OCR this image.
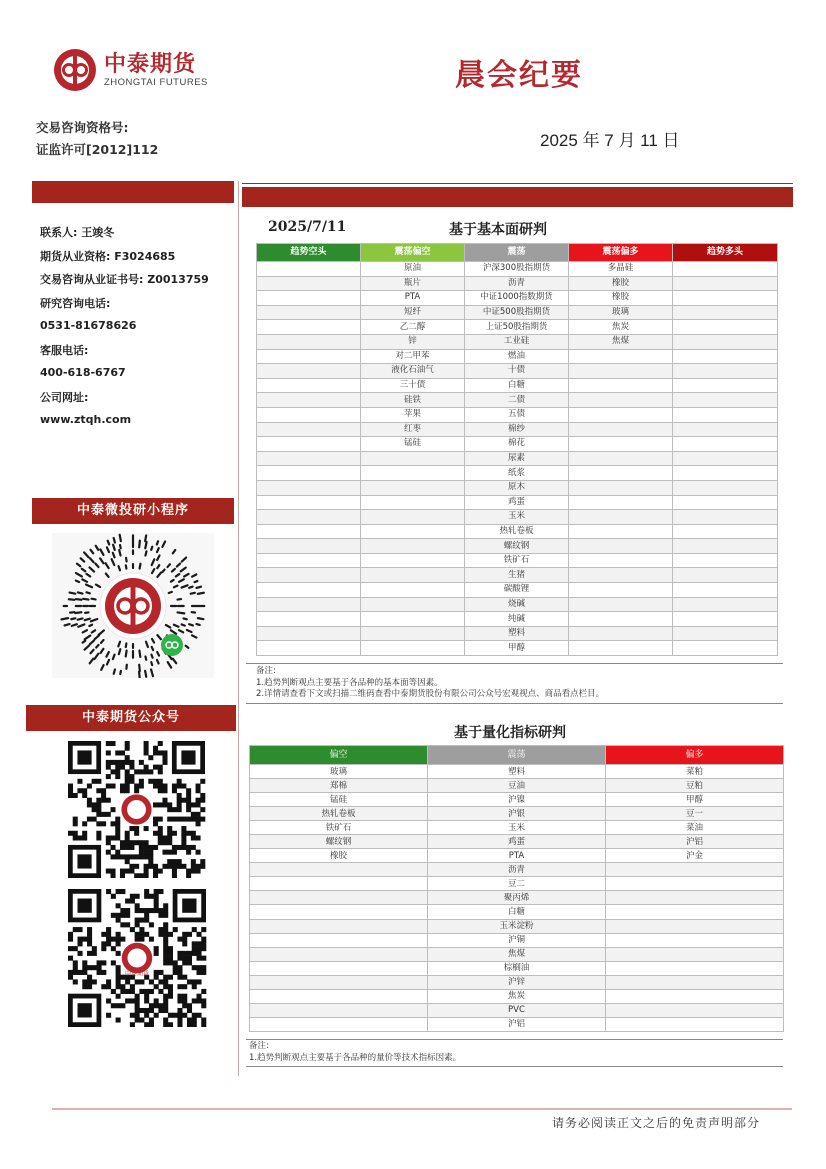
中泰期货
ZHONGTAI FUTURES	晨会纪要
交易咨询资格号:
证监许可[2012]112	2025 年 7 月 11 日
联系人: 王竣冬
期货从业资格: F3024685
交易咨询从业证书号: Z0013759
研究咨询电话:
0531-81678626
客服电话:
400-618-6767
公司网址:
www.ztqh.com
中泰微投研小程序
中泰期货公众号
中泰期货
2025/7/11	基于基本面研判
趋势空头	震荡偏空	震荡	震荡偏多	趋势多头
	原油	沪深300股指期货	多晶硅	
	瓶片	沥青	橡胶	
	PTA	中证1000指数期货	橡胶	
	短纤	中证500股指期货	玻璃	
	乙二醇	上证50股指期货	焦炭	
	锌	工业硅	焦煤	
	对二甲苯	燃油		
	液化石油气	十债		
	三十债	白糖		
	硅铁	二债		
	苹果	五债		
	红枣	棉纱		
	锰硅	棉花		
		尿素		
		纸浆		
		原木		
		鸡蛋		
		玉米		
		热轧卷板		
		螺纹钢		
		铁矿石		
		生猪		
		碳酸锂		
		烧碱		
		纯碱		
		塑料		
		甲醇		
备注:
1.趋势判断观点主要基于各品种的基本面等因素。
2.详情请查看下文或扫描二维码查看中泰期货股份有限公司公众号宏观视点、商品看点栏目。
基于量化指标研判
偏空	震荡	偏多
玻璃	塑料	菜粕
郑棉	豆油	豆粕
锰硅	沪镍	甲醇
热轧卷板	沪银	豆一
铁矿石	玉米	菜油
螺纹钢	鸡蛋	沪铝
橡胶	PTA	沪金
	沥青	
	豆二	
	聚丙烯	
	白糖	
	玉米淀粉	
	沪铜	
	焦煤	
	棕榈油	
	沪锌	
	焦炭	
	PVC	
	沪铝	
备注:
1.趋势判断观点主要基于各品种的量价等技术指标因素。
请务必阅读正文之后的免责声明部分
